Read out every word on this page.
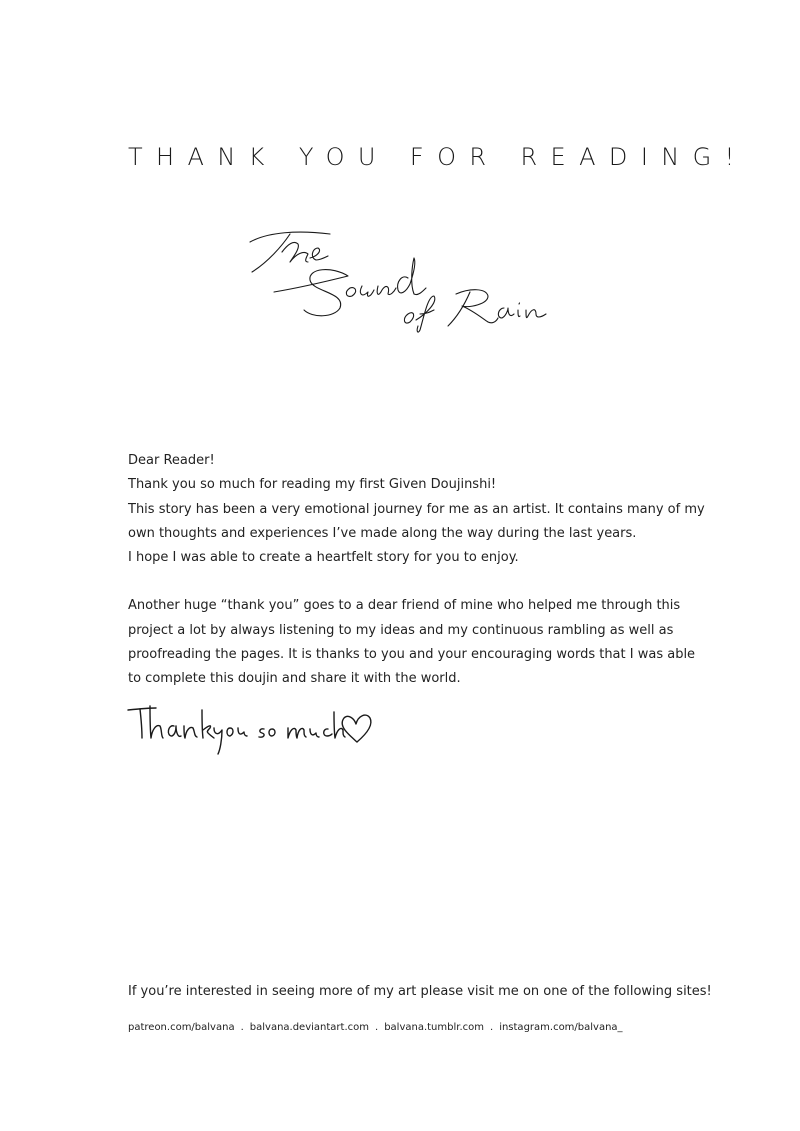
THANK YOU FOR READING!

Dear Reader!
Thank you so much for reading my first Given Doujinshi!
This story has been a very emotional journey for me as an artist. It contains many of my
own thoughts and experiences I’ve made along the way during the last years.
I hope I was able to create a heartfelt story for you to enjoy.

Another huge “thank you” goes to a dear friend of mine who helped me through this
project a lot by always listening to my ideas and my continuous rambling as well as
proofreading the pages. It is thanks to you and your encouraging words that I was able
to complete this doujin and share it with the world.

If you’re interested in seeing more of my art please visit me on one of the following sites!
patreon.com/balvana . balvana.deviantart.com . balvana.tumblr.com . instagram.com/balvana_
